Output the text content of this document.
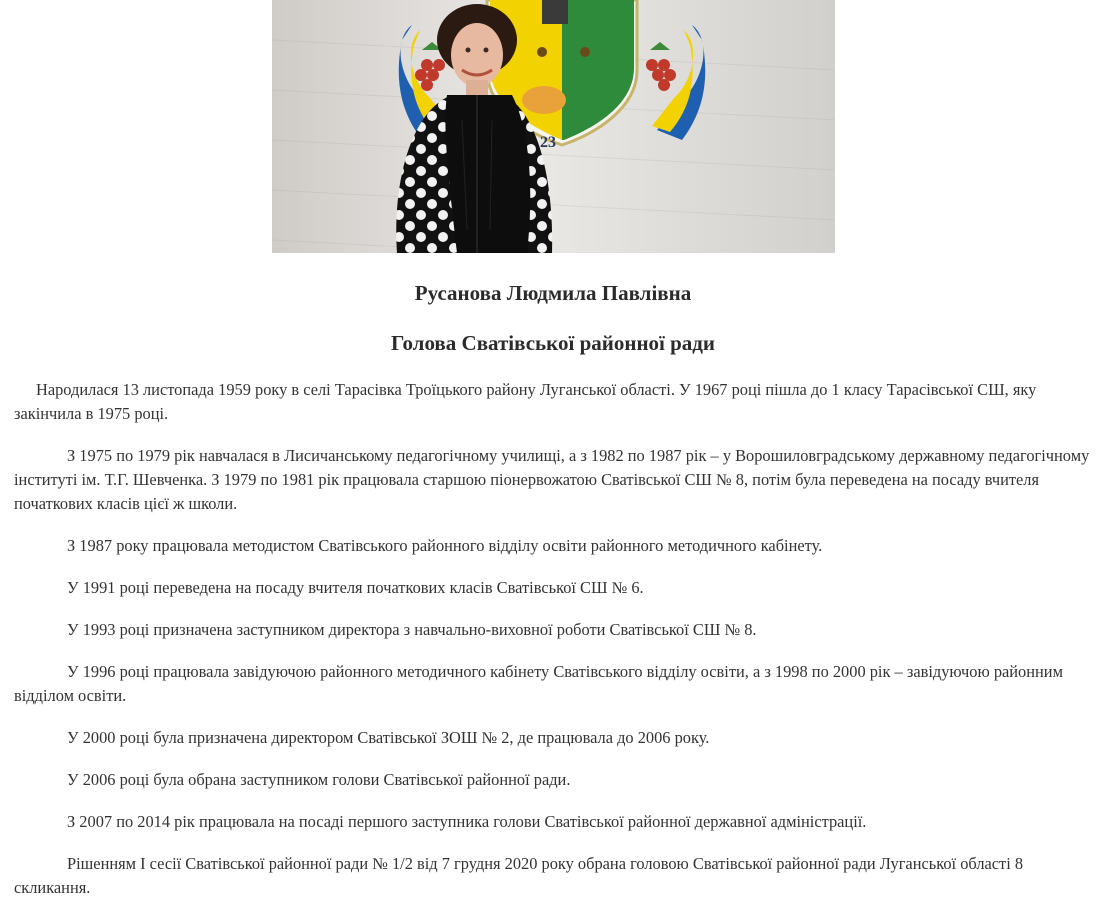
23
Русанова Людмила Павлівна
Голова Сватівської районної ради

Народилася 13 листопада 1959 року в селі Тарасівка Троїцького району Луганської області. У 1967 році пішла до 1 класу Тарасівської СШ, яку закінчила в 1975 році.

З 1975 по 1979 рік навчалася в Лисичанському педагогічному училищі, а з 1982 по 1987 рік – у Ворошиловградському державному педагогічному інституті ім. Т.Г. Шевченка. З 1979 по 1981 рік працювала старшою піонервожатою Сватівської СШ № 8, потім була переведена на посаду вчителя початкових класів цієї ж школи.

З 1987 року працювала методистом Сватівського районного відділу освіти районного методичного кабінету.

У 1991 році переведена на посаду вчителя початкових класів Сватівської СШ № 6.

У 1993 році призначена заступником директора з навчально-виховної роботи Сватівської СШ № 8.

У 1996 році працювала завідуючою районного методичного кабінету Сватівського відділу освіти, а з 1998 по 2000 рік – завідуючою районним відділом освіти.

У 2000 році була призначена директором Сватівської ЗОШ № 2, де працювала до 2006 року.

У 2006 році була обрана заступником голови Сватівської районної ради.

З 2007 по 2014 рік працювала на посаді першого заступника голови Сватівської районної державної адміністрації.

Рішенням I сесії Сватівської районної ради № 1/2 від 7 грудня 2020 року обрана головою Сватівської районної ради Луганської області 8 скликання.
